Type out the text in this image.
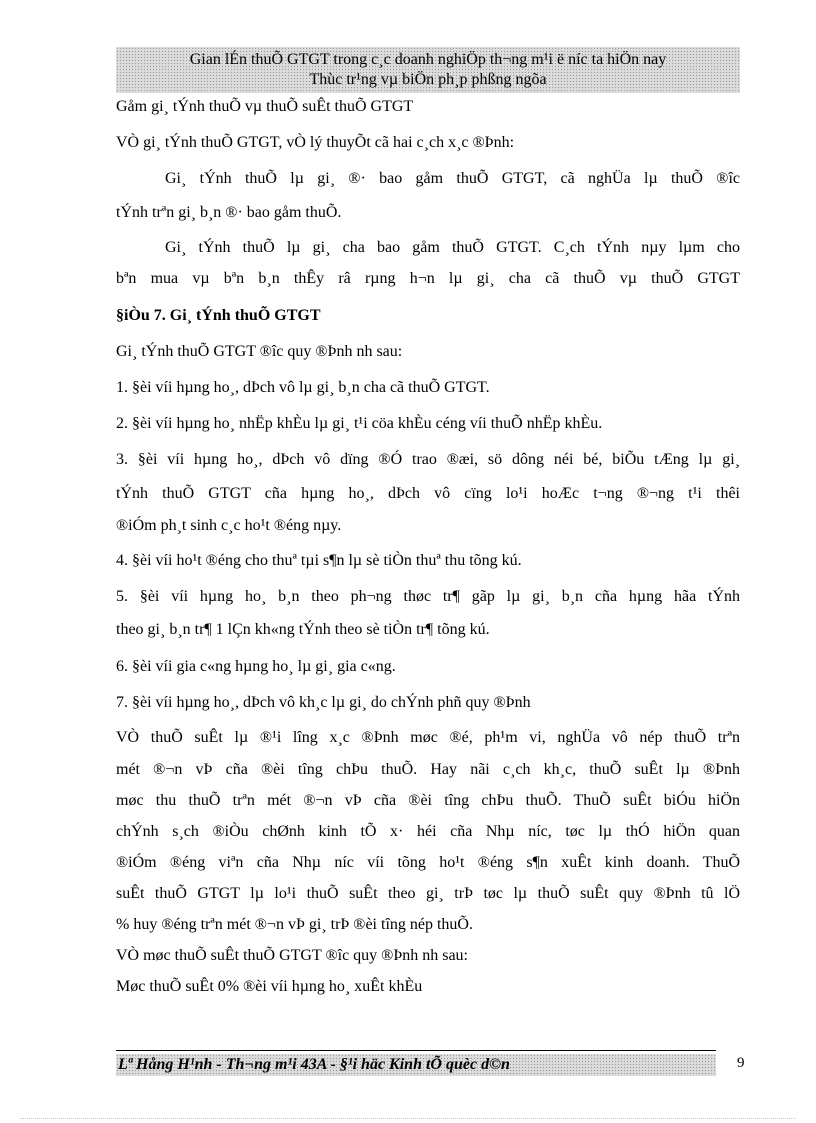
Gian lÉn thuÕ GTGT trong c¸c doanh nghiÖp th¬ng m¹i ë níc ta hiÖn nay
Thùc tr¹ng vµ biÖn ph¸p phßng ngõa
Gåm gi¸ tÝnh thuÕ vµ thuÕ suÊt thuÕ GTGT
VÒ gi¸ tÝnh thuÕ GTGT, vÒ lý thuyÕt cã hai c¸ch x¸c ®Þnh:
Gi¸ tÝnh thuÕ lµ gi¸ ®· bao gåm thuÕ GTGT, cã nghÜa lµ thuÕ ®îc
tÝnh trªn gi¸ b¸n ®· bao gåm thuÕ.
Gi¸ tÝnh thuÕ lµ gi¸ cha bao gåm thuÕ GTGT. C¸ch tÝnh nµy lµm cho
bªn mua vµ bªn b¸n thÊy râ rµng h¬n lµ gi¸ cha cã thuÕ vµ thuÕ GTGT
§iÒu 7. Gi¸ tÝnh thuÕ GTGT
Gi¸ tÝnh thuÕ GTGT ®îc quy ®Þnh nh sau:
1. §èi víi hµng ho¸, dÞch vô lµ gi¸ b¸n cha cã thuÕ GTGT.
2. §èi víi hµng ho¸ nhËp khÈu lµ gi¸ t¹i cöa khÈu céng víi thuÕ nhËp khÈu.
3. §èi víi hµng ho¸, dÞch vô dïng ®Ó trao ®æi, sö dông néi bé, biÕu tÆng lµ gi¸
tÝnh thuÕ GTGT cña hµng ho¸, dÞch vô cïng lo¹i hoÆc t¬ng ®¬ng t¹i thêi
®iÓm ph¸t sinh c¸c ho¹t ®éng nµy.
4. §èi víi ho¹t ®éng cho thuª tµi s¶n lµ sè tiÒn thuª thu tõng kú.
5. §èi víi hµng ho¸ b¸n theo ph¬ng thøc tr¶ gãp lµ gi¸ b¸n cña hµng hãa tÝnh
theo gi¸ b¸n tr¶ 1 lÇn kh«ng tÝnh theo sè tiÒn tr¶ tõng kú.
6. §èi víi gia c«ng hµng ho¸ lµ gi¸ gia c«ng.
7. §èi víi hµng ho¸, dÞch vô kh¸c lµ gi¸ do chÝnh phñ quy ®Þnh
VÒ thuÕ suÊt lµ ®¹i lîng x¸c ®Þnh møc ®é, ph¹m vi, nghÜa vô nép thuÕ trªn
mét ®¬n vÞ cña ®èi tîng chÞu thuÕ. Hay nãi c¸ch kh¸c, thuÕ suÊt lµ ®Þnh
møc thu thuÕ trªn mét ®¬n vÞ cña ®èi tîng chÞu thuÕ. ThuÕ suÊt biÓu hiÖn
chÝnh s¸ch ®iÒu chØnh kinh tÕ x· héi cña Nhµ níc, tøc lµ thÓ hiÖn quan
®iÓm ®éng viªn cña Nhµ níc víi tõng ho¹t ®éng s¶n xuÊt kinh doanh. ThuÕ
suÊt thuÕ GTGT lµ lo¹i thuÕ suÊt theo gi¸ trÞ tøc lµ thuÕ suÊt quy ®Þnh tû lÖ
% huy ®éng trªn mét ®¬n vÞ gi¸ trÞ ®èi tîng nép thuÕ.
VÒ møc thuÕ suÊt thuÕ GTGT ®îc quy ®Þnh nh sau:
Møc thuÕ suÊt 0% ®èi víi hµng ho¸ xuÊt khÈu
Lª Hång H¹nh - Th¬ng m¹i 43A - §¹i häc Kinh tÕ quèc d©n	9
